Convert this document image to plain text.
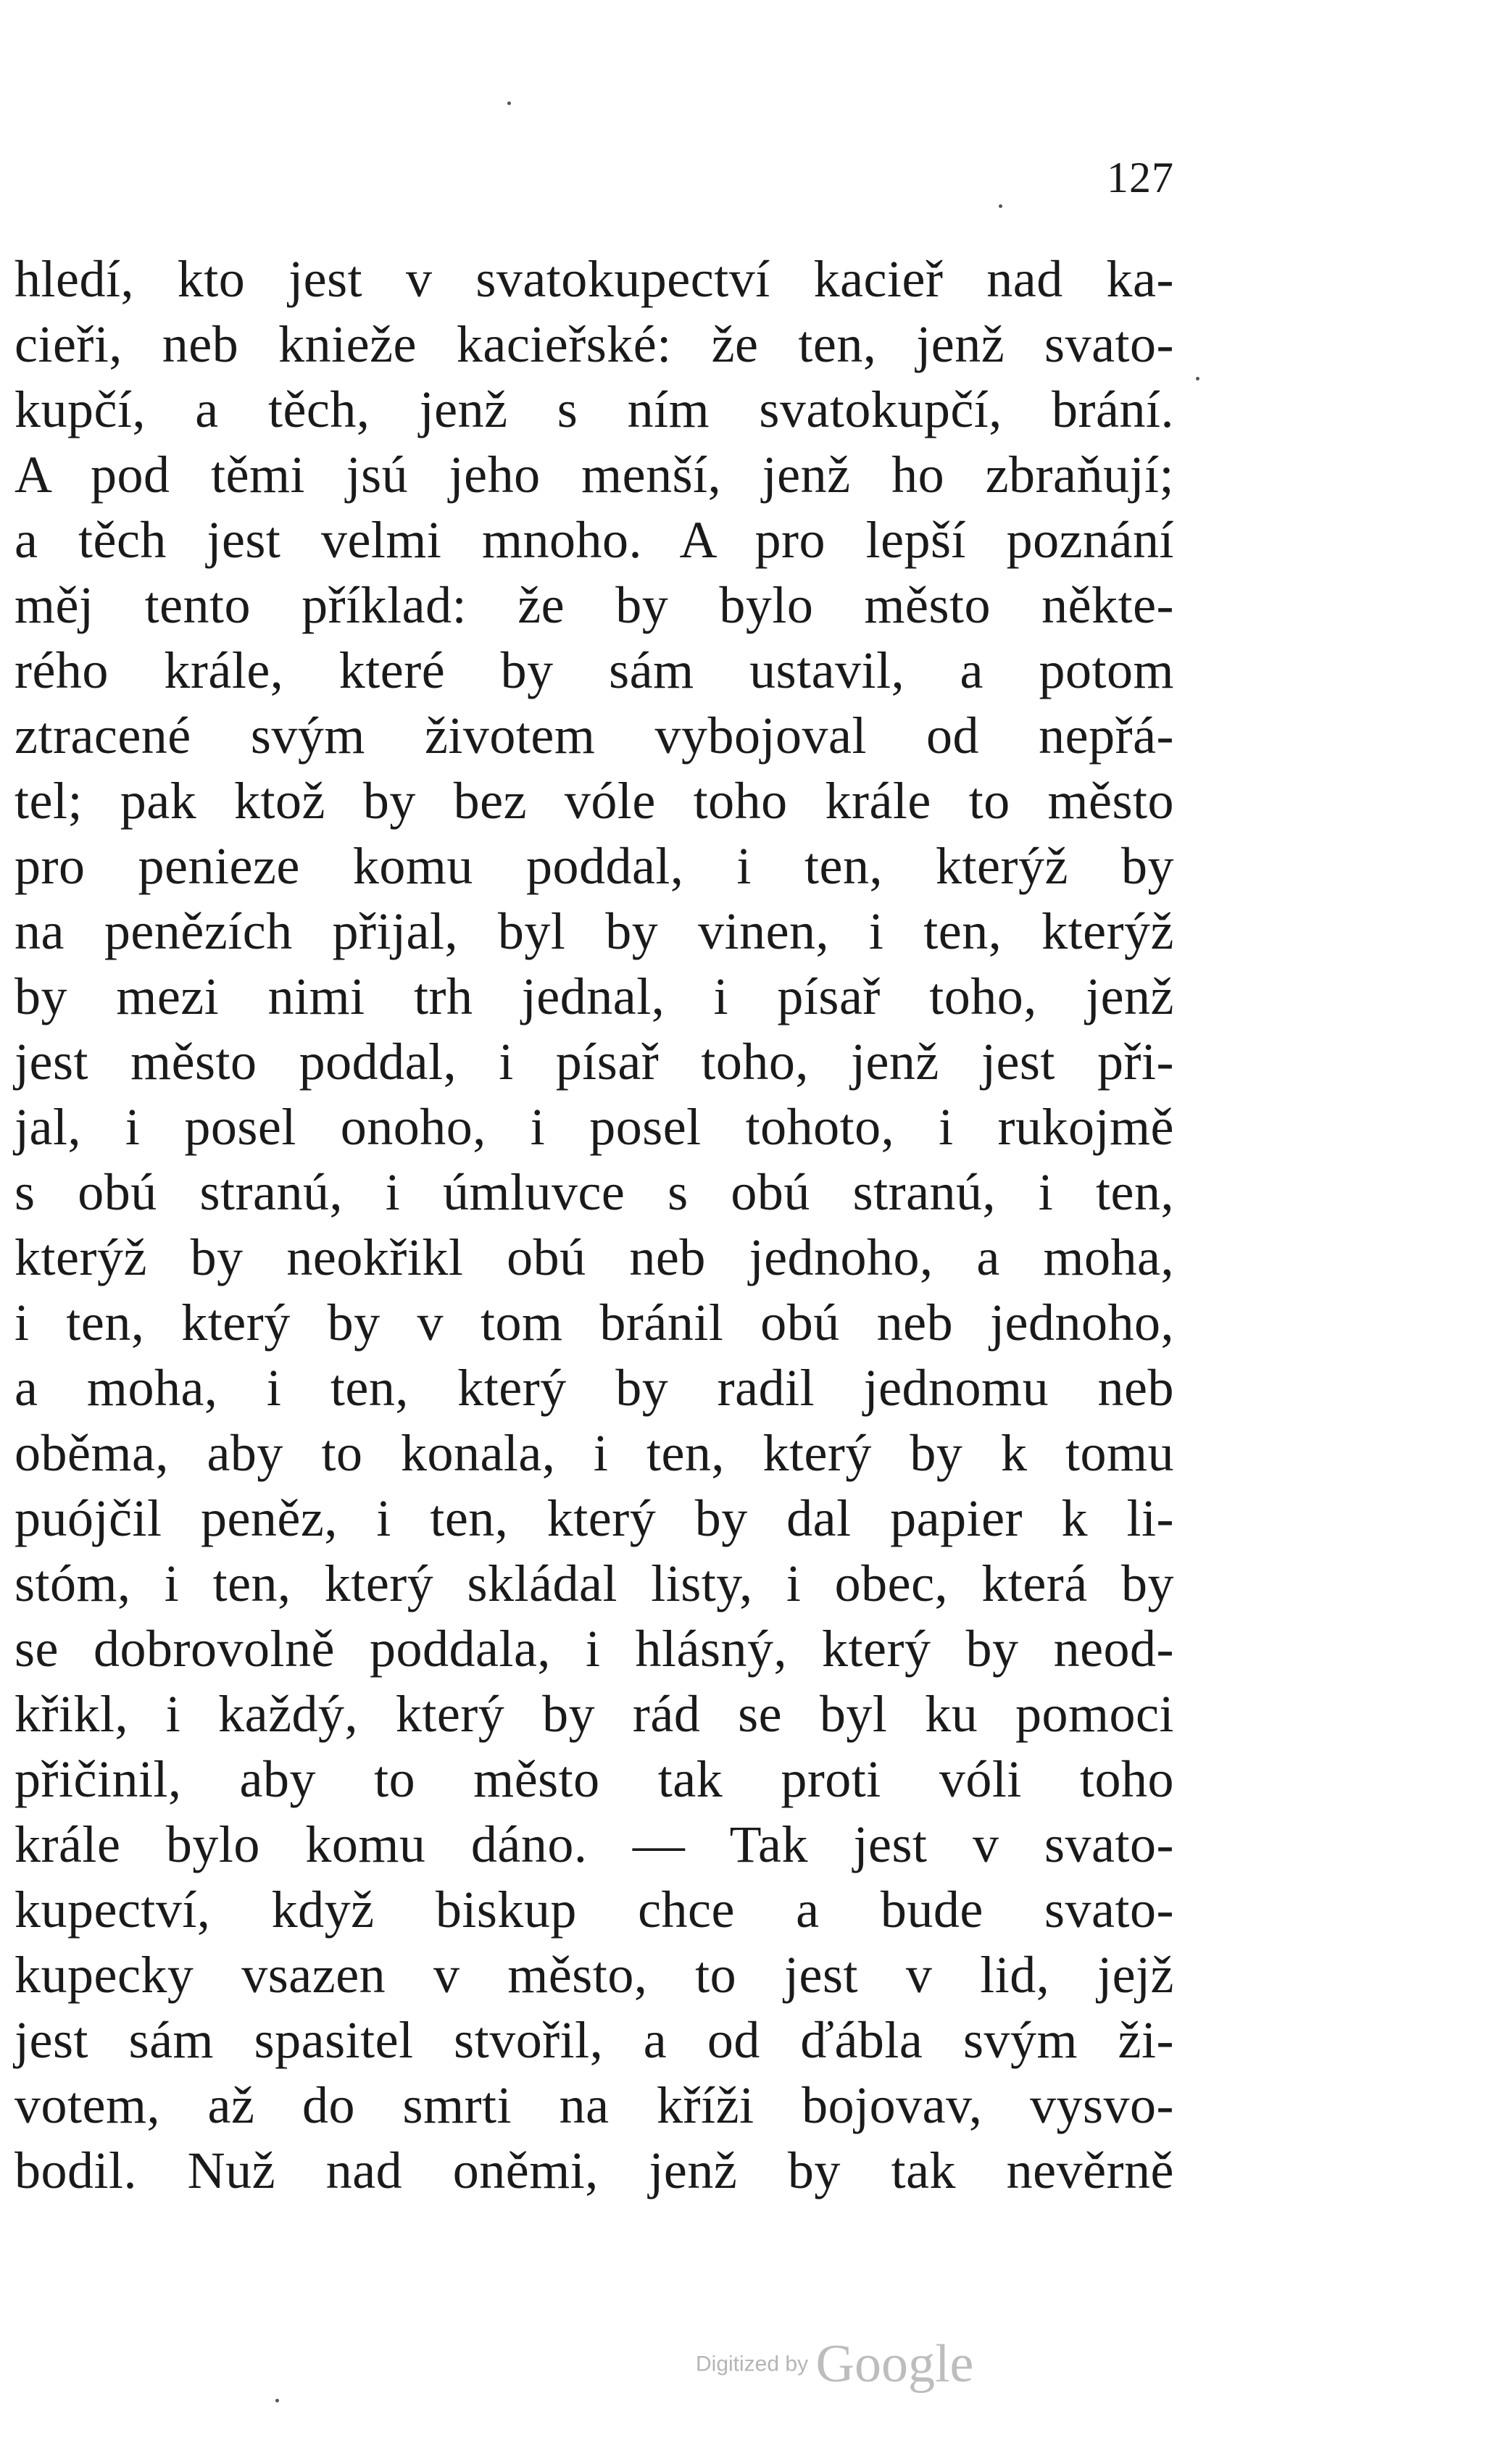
127
hledí, kto jest v svatokupectví kacieř nad ka-
cieři, neb knieže kacieřské: že ten, jenž svato-
kupčí, a těch, jenž s ním svatokupčí, brání.
A pod těmi jsú jeho menší, jenž ho zbraňují;
a těch jest velmi mnoho. A pro lepší poznání
měj tento příklad: že by bylo město někte-
rého krále, které by sám ustavil, a potom
ztracené svým životem vybojoval od nepřá-
tel; pak ktož by bez vóle toho krále to město
pro penieze komu poddal, i ten, kterýž by
na penězích přijal, byl by vinen, i ten, kterýž
by mezi nimi trh jednal, i písař toho, jenž
jest město poddal, i písař toho, jenž jest při-
jal, i posel onoho, i posel tohoto, i rukojmě
s obú stranú, i úmluvce s obú stranú, i ten,
kterýž by neokřikl obú neb jednoho, a moha,
i ten, který by v tom bránil obú neb jednoho,
a moha, i ten, který by radil jednomu neb
oběma, aby to konala, i ten, který by k tomu
puójčil peněz, i ten, který by dal papier k li-
stóm, i ten, který skládal listy, i obec, která by
se dobrovolně poddala, i hlásný, který by neod-
křikl, i každý, který by rád se byl ku pomoci
přičinil, aby to město tak proti vóli toho
krále bylo komu dáno. — Tak jest v svato-
kupectví, když biskup chce a bude svato-
kupecky vsazen v město, to jest v lid, jejž
jest sám spasitel stvořil, a od ďábla svým ži-
votem, až do smrti na kříži bojovav, vysvo-
bodil. Nuž nad oněmi, jenž by tak nevěrně
Digitized by Google
